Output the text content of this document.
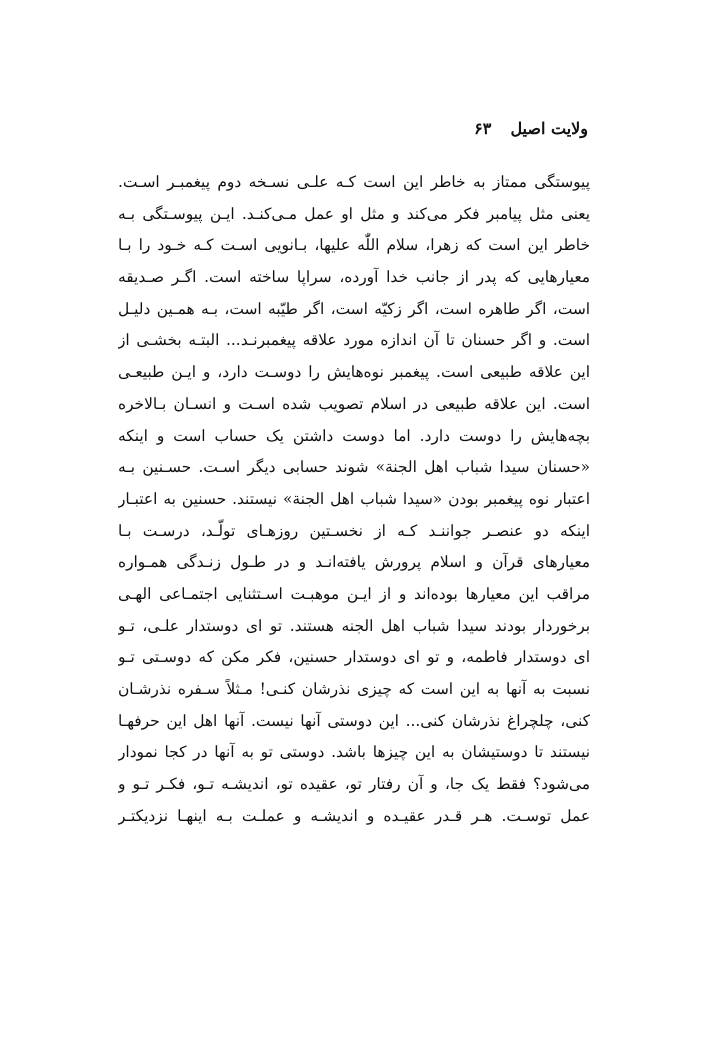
ولایت اصیل ۶۳
پیوستگی ممتاز به خاطر این است کـه علـی نسـخه دوم پیغمبـر اسـت.
یعنی مثل پیامبر فکر می‌کند و مثل او عمل مـی‌کنـد. ایـن پیوسـتگی بـه
خاطر این است که زهرا، سلام اللّٰه علیها، بـانویی اسـت کـه خـود را بـا
معیارهایی که پدر از جانب خدا آورده، سراپا ساخته است. اگـر صـدیقه
است، اگر طاهره است، اگر زکیّه است، اگر طیّبه است، بـه همـین دلیـل
است. و اگر حسنان تا آن اندازه مورد علاقه پیغمبرنـد... البتـه بخشـی از
این علاقه طبیعی است. پیغمبر نوه‌هایش را دوسـت دارد، و ایـن طبیعـی
است. این علاقه طبیعی در اسلام تصویب شده اسـت و انسـان بـالاخره
بچه‌هایش را دوست دارد. اما دوست داشتن یک حساب است و اینکه
«حسنان سیدا شباب اهل الجنة» شوند حسابی دیگر اسـت. حسـنین بـه
اعتبار نوه پیغمبر بودن «سیدا شباب اهل الجنة» نیستند. حسنین به اعتبـار
اینکه دو عنصـر جواننـد کـه از نخسـتین روزهـای تولّـد، درسـت بـا
معیارهای قرآن و اسلام پرورش یافته‌انـد و در طـول زنـدگی همـواره
مراقب این معیارها بوده‌اند و از ایـن موهبـت اسـتثنایی اجتمـاعی الهـی
برخوردار بودند سیدا شباب اهل الجنه هستند. تو ای دوستدار علـی، تـو
ای دوستدار فاطمه، و تو ای دوستدار حسنین، فکر مکن که دوسـتی تـو
نسبت به آنها به این است که چیزی نذرشان کنـی! مـثلاً سـفره نذرشـان
کنی، چلچراغ نذرشان کنی... این دوستی آنها نیست. آنها اهل این حرفهـا
نیستند تا دوستیشان به این چیزها باشد. دوستی تو به آنها در کجا نمودار
می‌شود؟ فقط یک جا، و آن رفتار تو، عقیده تو، اندیشـه تـو، فکـر تـو و
عمل توسـت. هـر قـدر عقیـده و اندیشـه و عملـت بـه اینهـا نزدیکتـر
